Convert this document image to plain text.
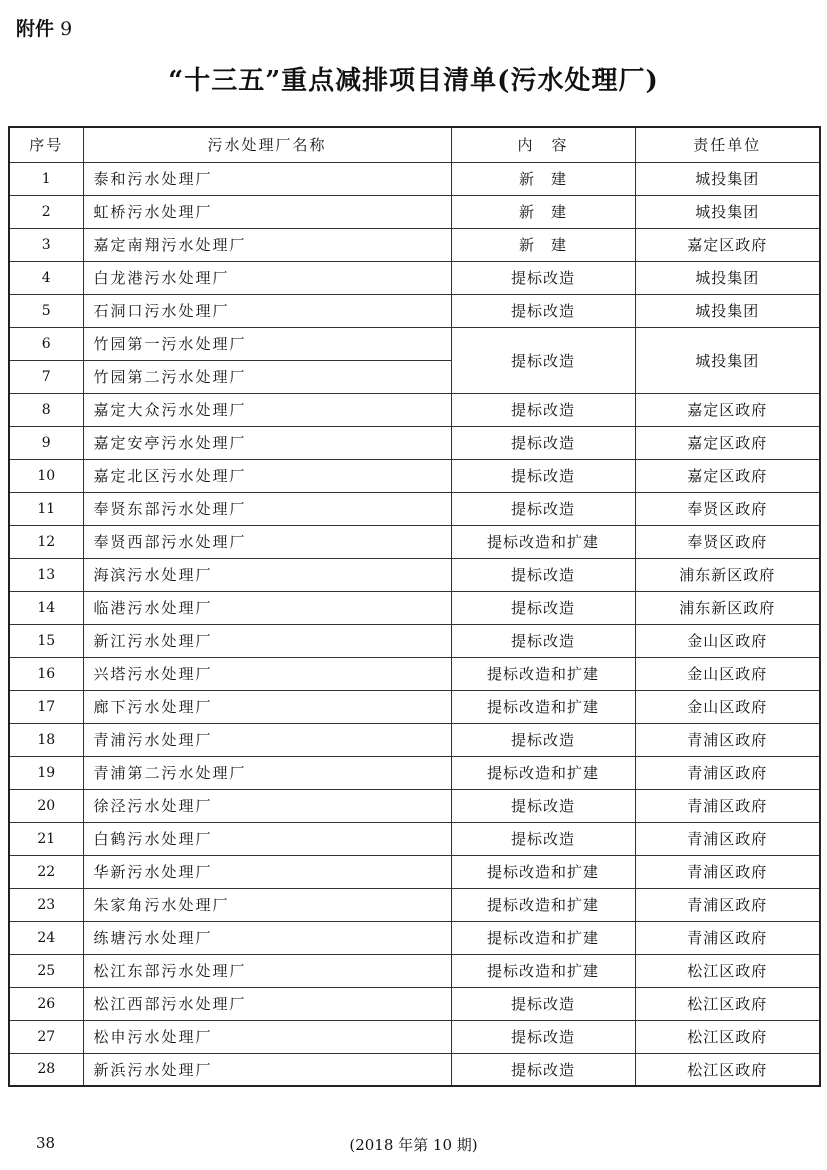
附件 9
“十三五”重点减排项目清单(污水处理厂)
序号	污水处理厂名称	内　容	责任单位
1	泰和污水处理厂	新　建	城投集团
2	虹桥污水处理厂	新　建	城投集团
3	嘉定南翔污水处理厂	新　建	嘉定区政府
4	白龙港污水处理厂	提标改造	城投集团
5	石洞口污水处理厂	提标改造	城投集团
6	竹园第一污水处理厂	提标改造	城投集团
7	竹园第二污水处理厂		
8	嘉定大众污水处理厂	提标改造	嘉定区政府
9	嘉定安亭污水处理厂	提标改造	嘉定区政府
10	嘉定北区污水处理厂	提标改造	嘉定区政府
11	奉贤东部污水处理厂	提标改造	奉贤区政府
12	奉贤西部污水处理厂	提标改造和扩建	奉贤区政府
13	海滨污水处理厂	提标改造	浦东新区政府
14	临港污水处理厂	提标改造	浦东新区政府
15	新江污水处理厂	提标改造	金山区政府
16	兴塔污水处理厂	提标改造和扩建	金山区政府
17	廊下污水处理厂	提标改造和扩建	金山区政府
18	青浦污水处理厂	提标改造	青浦区政府
19	青浦第二污水处理厂	提标改造和扩建	青浦区政府
20	徐泾污水处理厂	提标改造	青浦区政府
21	白鹤污水处理厂	提标改造	青浦区政府
22	华新污水处理厂	提标改造和扩建	青浦区政府
23	朱家角污水处理厂	提标改造和扩建	青浦区政府
24	练塘污水处理厂	提标改造和扩建	青浦区政府
25	松江东部污水处理厂	提标改造和扩建	松江区政府
26	松江西部污水处理厂	提标改造	松江区政府
27	松申污水处理厂	提标改造	松江区政府
28	新浜污水处理厂	提标改造	松江区政府
38	(2018 年第 10 期)
